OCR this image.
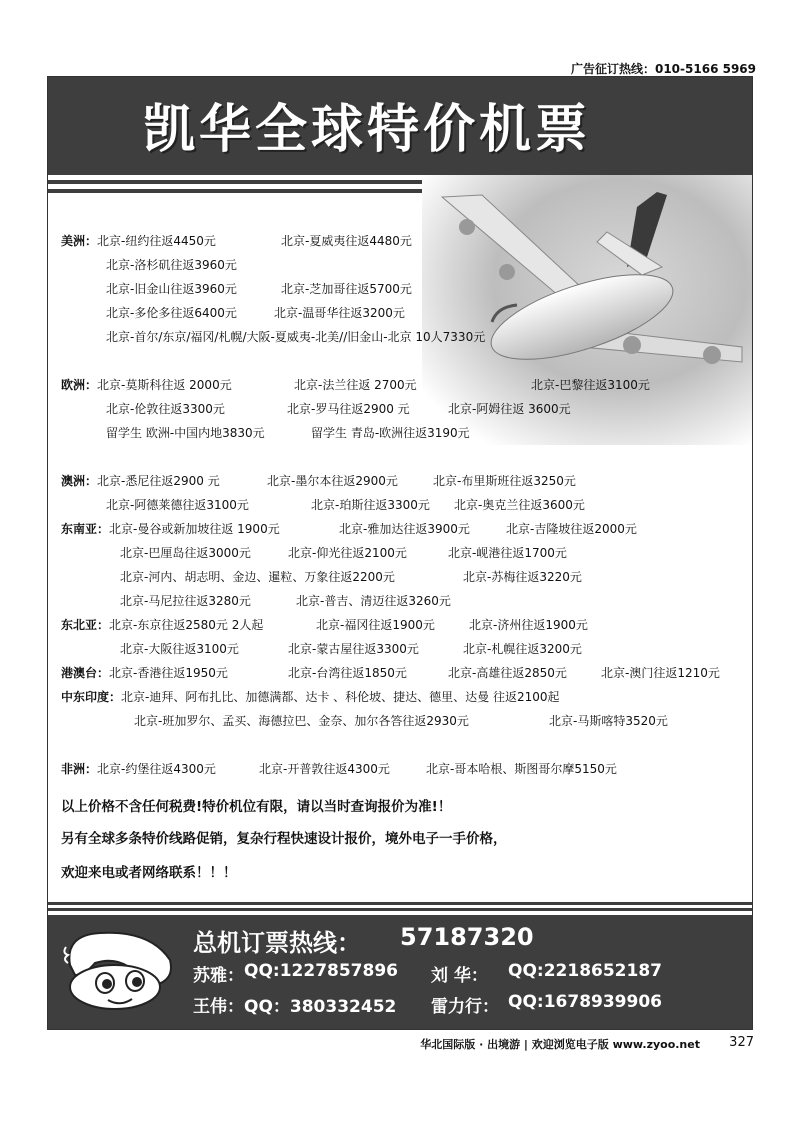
广告征订热线：010-5166 5969
凯华全球特价机票
美洲：北京-纽约往返4450元	北京-夏威夷往返4480元
北京-洛杉矶往返3960元
北京-旧金山往返3960元	北京-芝加哥往返5700元
北京-多伦多往返6400元	北京-温哥华往返3200元
北京-首尔/东京/福冈/札幌/大阪-夏威夷-北美//旧金山-北京 10人7330元
欧洲：北京-莫斯科往返 2000元	北京-法兰往返 2700元	北京-巴黎往返3100元
北京-伦敦往返3300元	北京-罗马往返2900 元	北京-阿姆往返 3600元
留学生 欧洲-中国内地3830元	留学生 青岛-欧洲往返3190元
澳洲：北京-悉尼往返2900 元	北京-墨尔本往返2900元	北京-布里斯班往返3250元
北京-阿德莱德往返3100元	北京-珀斯往返3300元 北京-奥克兰往返3600元
东南亚：北京-曼谷或新加坡往返 1900元	北京-雅加达往返3900元	北京-吉隆坡往返2000元
北京-巴厘岛往返3000元	北京-仰光往返2100元	北京-岘港往返1700元
北京-河内、胡志明、金边、暹粒、万象往返2200元	北京-苏梅往返3220元
北京-马尼拉往返3280元	北京-普吉、清迈往返3260元
东北亚：北京-东京往返2580元 2人起	北京-福冈往返1900元	北京-济州往返1900元
北京-大阪往返3100元	北京-蒙古屋往返3300元	北京-札幌往返3200元
港澳台：北京-香港往返1950元	北京-台湾往返1850元	北京-高雄往返2850元	北京-澳门往返1210元
中东印度：北京-迪拜、阿布扎比、加德满都、达卡 、科伦坡、捷达、德里、达曼 往返2100起
北京-班加罗尔、孟买、海德拉巴、金奈、加尔各答往返2930元	北京-马斯喀特3520元
非洲：北京-约堡往返4300元	北京-开普敦往返4300元	北京-哥本哈根、斯图哥尔摩5150元
以上价格不含任何税费!特价机位有限，请以当时查询报价为准!！
另有全球多条特价线路促销，复杂行程快速设计报价，境外电子一手价格，
欢迎来电或者网络联系！！！
总机订票热线： 57187320
苏雅： QQ:1227857896 刘 华： QQ:2218652187
王伟： QQ：380332452 雷力行： QQ:1678939906
华北国际版 · 出境游 | 欢迎浏览电子版 www.zyoo.net 327
